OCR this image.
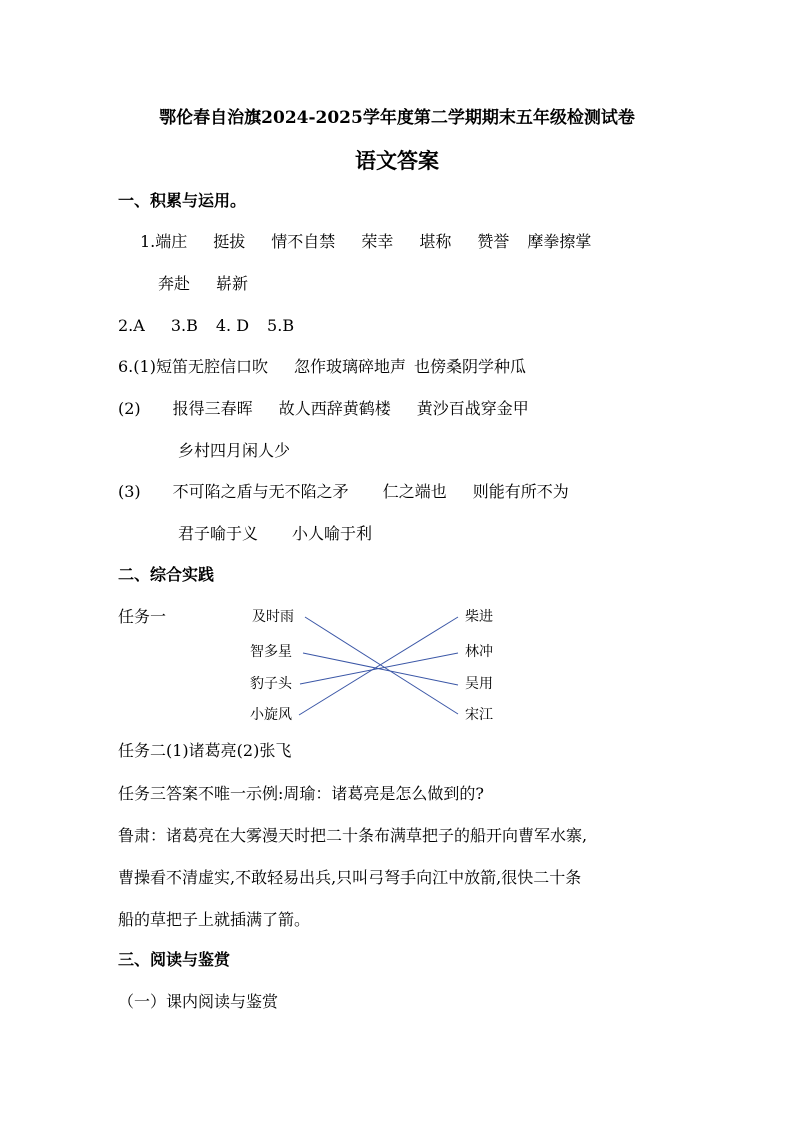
鄂伦春自治旗2024-2025学年度第二学期期末五年级检测试卷
语文答案
一、积累与运用。
1.端庄 挺拔 情不自禁 荣幸 堪称 赞誉 摩拳擦掌
奔赴 崭新
2.A 3.B 4. D 5.B
6.(1)短笛无腔信口吹 忽作玻璃碎地声 也傍桑阴学种瓜
(2) 报得三春晖 故人西辞黄鹤楼 黄沙百战穿金甲
乡村四月闲人少
(3) 不可陷之盾与无不陷之矛 仁之端也 则能有所不为
君子喻于义 小人喻于利
二、综合实践
任务一	及时雨
智多星
豹子头
小旋风
柴进
林冲
吴用
宋江
任务二(1)诸葛亮(2)张飞
任务三答案不唯一示例:周瑜：诸葛亮是怎么做到的?
鲁肃：诸葛亮在大雾漫天时把二十条布满草把子的船开向曹军水寨,
曹操看不清虚实,不敢轻易出兵,只叫弓弩手向江中放箭,很快二十条
船的草把子上就插满了箭。
三、阅读与鉴赏
（一）课内阅读与鉴赏
